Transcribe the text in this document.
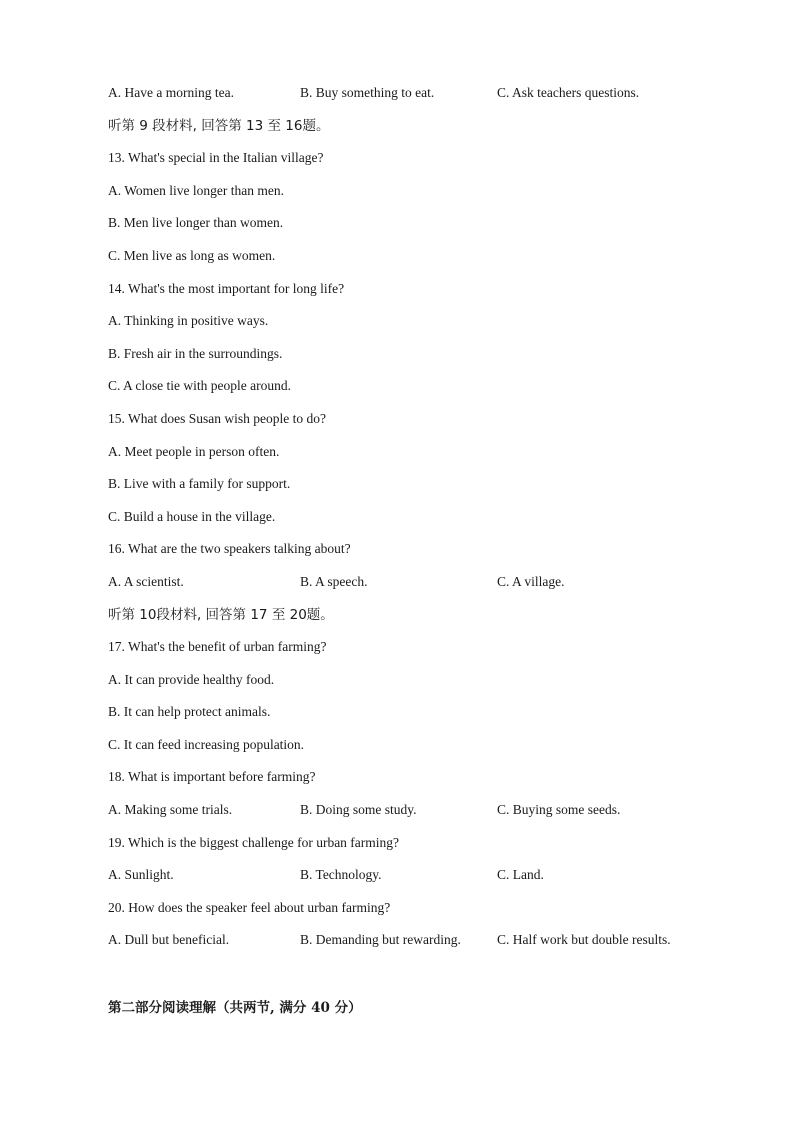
A. Have a morning tea.	B. Buy something to eat.	C. Ask teachers questions.
听第 9 段材料, 回答第 13 至 16题。
13. What's special in the Italian village?
A. Women live longer than men.
B. Men live longer than women.
C. Men live as long as women.
14. What's the most important for long life?
A. Thinking in positive ways.
B. Fresh air in the surroundings.
C. A close tie with people around.
15. What does Susan wish people to do?
A. Meet people in person often.
B. Live with a family for support.
C. Build a house in the village.
16. What are the two speakers talking about?
A. A scientist.	B. A speech.	C. A village.
听第 10段材料, 回答第 17 至 20题。
17. What's the benefit of urban farming?
A. It can provide healthy food.
B. It can help protect animals.
C. It can feed increasing population.
18. What is important before farming?
A. Making some trials.	B. Doing some study.	C. Buying some seeds.
19. Which is the biggest challenge for urban farming?
A. Sunlight.	B. Technology.	C. Land.
20. How does the speaker feel about urban farming?
A. Dull but beneficial.	B. Demanding but rewarding.	C. Half work but double results.
第二部分阅读理解（共两节, 满分 40 分）
